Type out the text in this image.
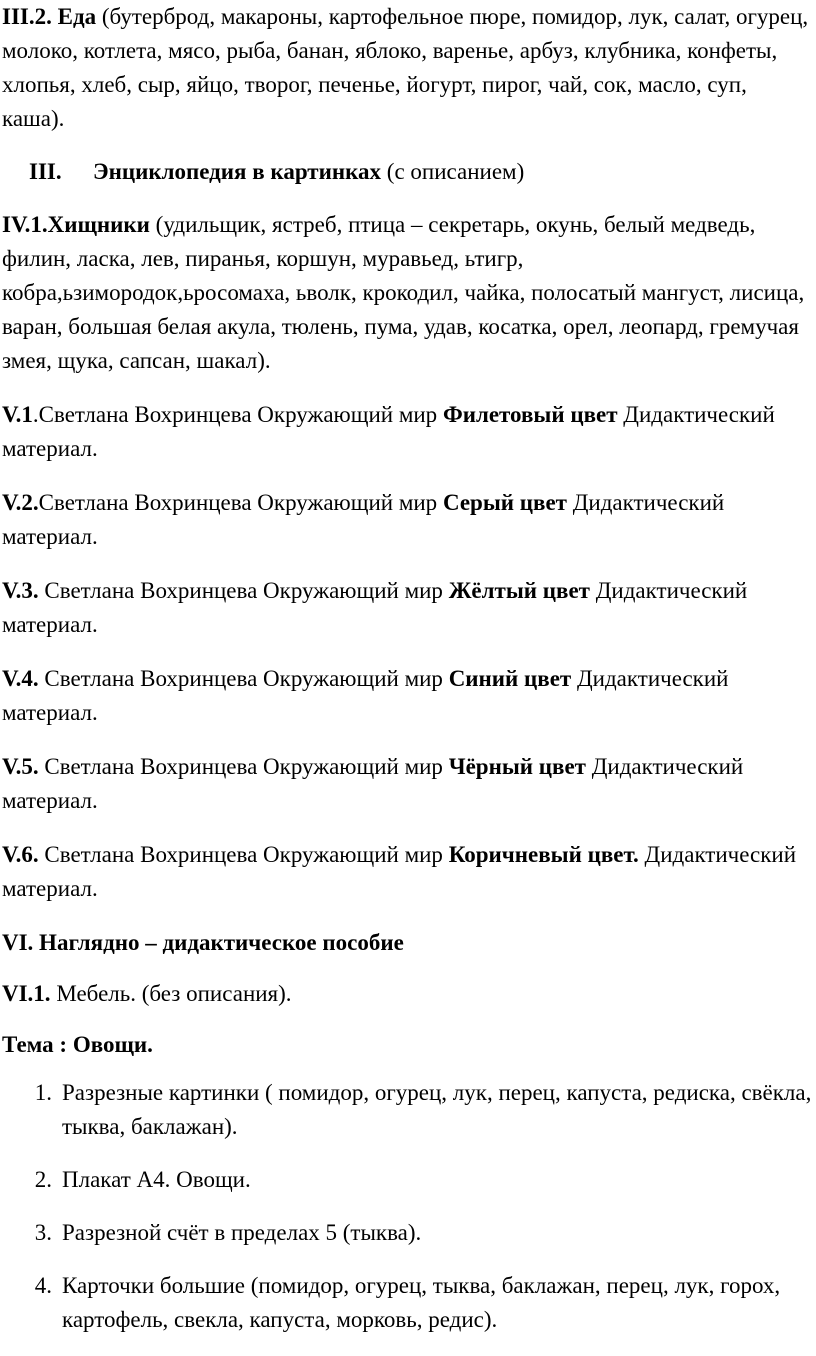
III.2. Еда (бутерброд, макароны, картофельное пюре, помидор, лук, салат, огурец, молоко, котлета, мясо, рыба, банан, яблоко, варенье, арбуз, клубника, конфеты, хлопья, хлеб, сыр, яйцо, творог, печенье, йогурт, пирог, чай, сок, масло, суп, каша).

III.	Энциклопедия в картинках (с описанием)

IV.1.Хищники (удильщик, ястреб, птица – секретарь, окунь, белый медведь, филин, ласка, лев, пиранья, коршун, муравьед, ьтигр, кобра,ьзимородок,ьросомаха, ьволк, крокодил, чайка, полосатый мангуст, лисица, варан, большая белая акула, тюлень, пума, удав, косатка, орел, леопард, гремучая змея, щука, сапсан, шакал).

V.1.Светлана Вохринцева Окружающий мир Филетовый цвет Дидактический материал.

V.2.Светлана Вохринцева Окружающий мир Серый цвет Дидактический материал.

V.3. Светлана Вохринцева Окружающий мир Жёлтый цвет Дидактический материал.

V.4. Светлана Вохринцева Окружающий мир Синий цвет Дидактический материал.

V.5. Светлана Вохринцева Окружающий мир Чёрный цвет Дидактический материал.

V.6. Светлана Вохринцева Окружающий мир Коричневый цвет. Дидактический материал.

VI. Наглядно – дидактическое пособие

VI.1. Мебель. (без описания).

Тема : Овощи.

1. Разрезные картинки ( помидор, огурец, лук, перец, капуста, редиска, свёкла, тыква, баклажан).
2. Плакат А4. Овощи.
3. Разрезной счёт в пределах 5 (тыква).
4. Карточки большие (помидор, огурец, тыква, баклажан, перец, лук, горох, картофель, свекла, капуста, морковь, редис).
